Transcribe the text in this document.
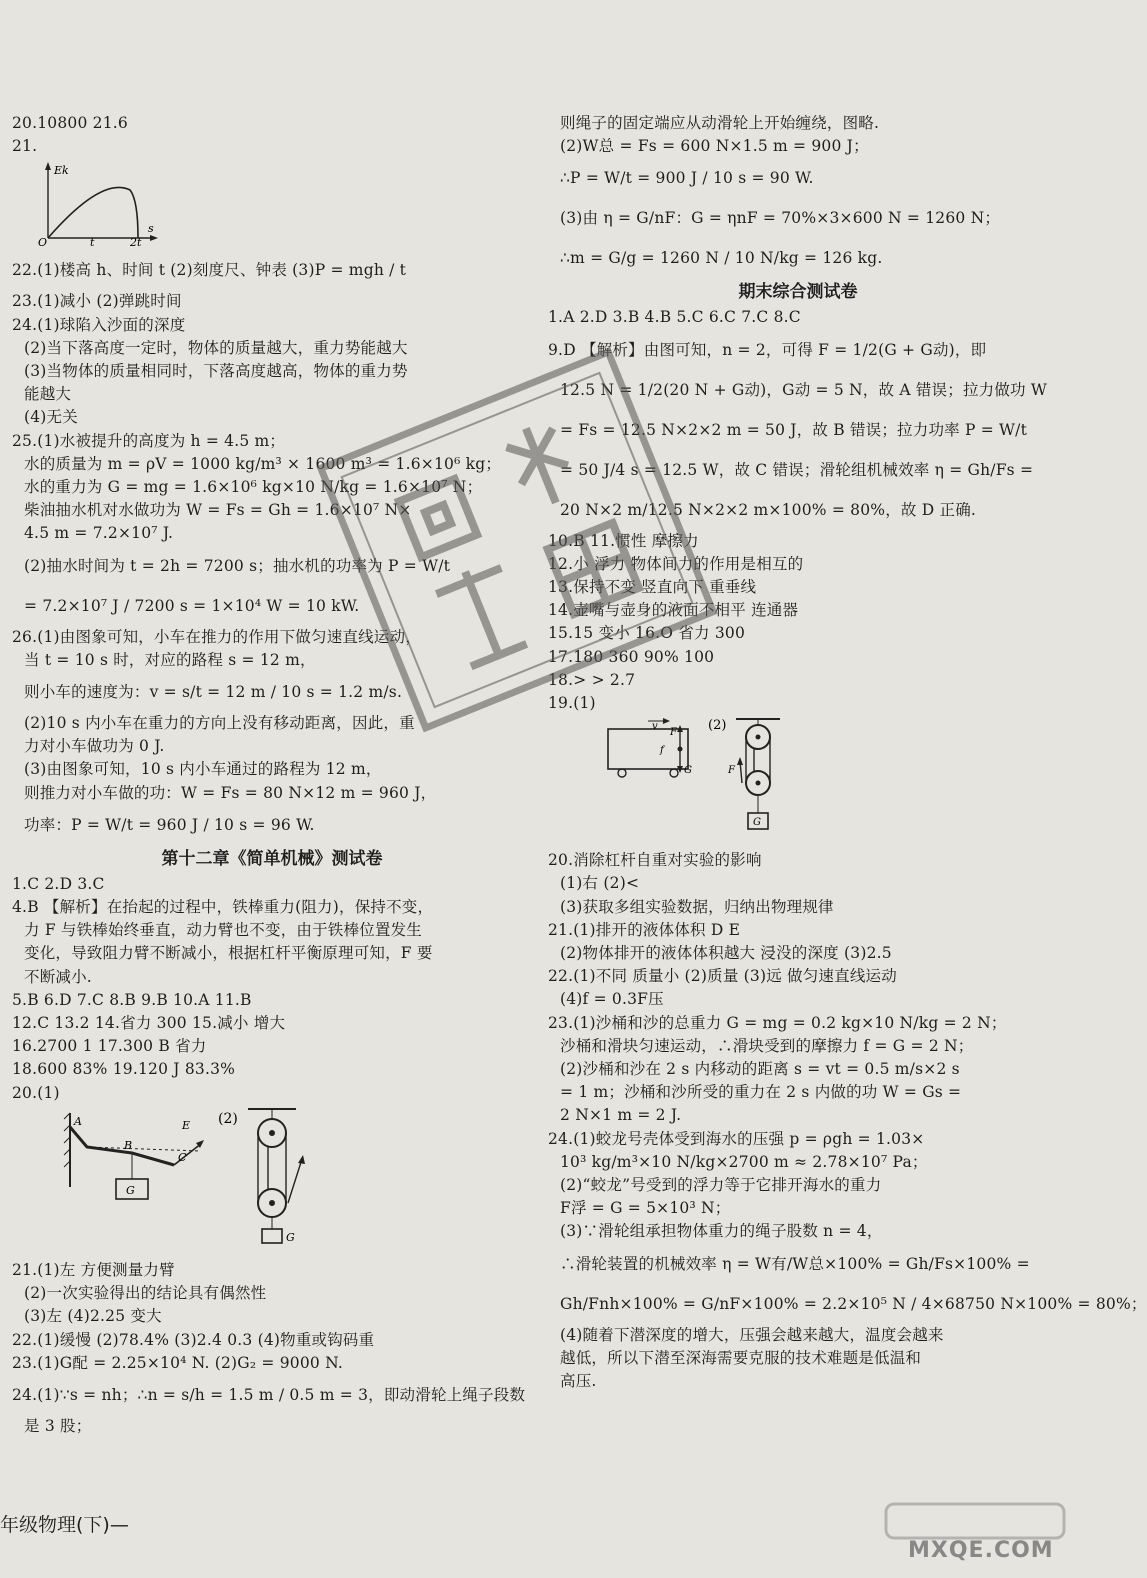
20.10800 21.6
21.
Ek
O	t	2t
s
22.(1)楼高 h、时间 t (2)刻度尺、钟表 (3)P = mgh / t
23.(1)减小 (2)弹跳时间
24.(1)球陷入沙面的深度
(2)当下落高度一定时，物体的质量越大，重力势能越大
(3)当物体的质量相同时，下落高度越高，物体的重力势
能越大
(4)无关
25.(1)水被提升的高度为 h = 4.5 m；
水的质量为 m = ρV = 1000 kg/m³ × 1600 m³ = 1.6×10⁶ kg；
水的重力为 G = mg = 1.6×10⁶ kg×10 N/kg = 1.6×10⁷ N；
柴油抽水机对水做功为 W = Fs = Gh = 1.6×10⁷ N×
4.5 m = 7.2×10⁷ J.
(2)抽水时间为 t = 2h = 7200 s；抽水机的功率为 P = W/t
= 7.2×10⁷ J / 7200 s = 1×10⁴ W = 10 kW.
26.(1)由图象可知，小车在推力的作用下做匀速直线运动，
当 t = 10 s 时，对应的路程 s = 12 m，
则小车的速度为：v = s/t = 12 m / 10 s = 1.2 m/s.
(2)10 s 内小车在重力的方向上没有移动距离，因此，重
力对小车做功为 0 J.
(3)由图象可知，10 s 内小车通过的路程为 12 m，
则推力对小车做的功：W = Fs = 80 N×12 m = 960 J，
功率：P = W/t = 960 J / 10 s = 96 W.
第十二章《简单机械》测试卷
1.C 2.D 3.C
4.B 【解析】在抬起的过程中，铁棒重力(阻力)，保持不变，
力 F 与铁棒始终垂直，动力臂也不变，由于铁棒位置发生
变化，导致阻力臂不断减小，根据杠杆平衡原理可知，F 要
不断减小.
5.B 6.D 7.C 8.B 9.B 10.A 11.B
12.C 13.2 14.省力 300 15.减小 增大
16.2700 1 17.300 B 省力
18.600 83% 19.120 J 83.3%
20.(1)
A
B
C
E
G
(2)
G
21.(1)左 方便测量力臂
(2)一次实验得出的结论具有偶然性
(3)左 (4)2.25 变大
22.(1)缓慢 (2)78.4% (3)2.4 0.3 (4)物重或钩码重
23.(1)G配 = 2.25×10⁴ N. (2)G₂ = 9000 N.
24.(1)∵s = nh；∴n = s/h = 1.5 m / 0.5 m = 3，即动滑轮上绳子段数
是 3 股；
则绳子的固定端应从动滑轮上开始缠绕，图略.
(2)W总 = Fs = 600 N×1.5 m = 900 J；
∴P = W/t = 900 J / 10 s = 90 W.
(3)由 η = G/nF：G = ηnF = 70%×3×600 N = 1260 N；
∴m = G/g = 1260 N / 10 N/kg = 126 kg.
期末综合测试卷
1.A 2.D 3.B 4.B 5.C 6.C 7.C 8.C
9.D 【解析】由图可知，n = 2，可得 F = 1/2(G + G动)，即
12.5 N = 1/2(20 N + G动)，G动 = 5 N，故 A 错误；拉力做功 W
= Fs = 12.5 N×2×2 m = 50 J，故 B 错误；拉力功率 P = W/t
= 50 J/4 s = 12.5 W，故 C 错误；滑轮组机械效率 η = Gh/Fs =
20 N×2 m/12.5 N×2×2 m×100% = 80%，故 D 正确.
10.B 11.惯性 摩擦力
12.小 浮力 物体间力的作用是相互的
13.保持不变 竖直向下 重垂线
14.壶嘴与壶身的液面不相平 连通器
15.15 变小 16.O 省力 300
17.180 360 90% 100
18.> > 2.7
19.(1)
v
F
f
G
(2)
F
G
20.消除杠杆自重对实验的影响
(1)右 (2)<
(3)获取多组实验数据，归纳出物理规律
21.(1)排开的液体体积 D E
(2)物体排开的液体体积越大 浸没的深度 (3)2.5
22.(1)不同 质量小 (2)质量 (3)远 做匀速直线运动
(4)f = 0.3F压
23.(1)沙桶和沙的总重力 G = mg = 0.2 kg×10 N/kg = 2 N；
沙桶和滑块匀速运动，∴滑块受到的摩擦力 f = G = 2 N；
(2)沙桶和沙在 2 s 内移动的距离 s = vt = 0.5 m/s×2 s
= 1 m；沙桶和沙所受的重力在 2 s 内做的功 W = Gs =
2 N×1 m = 2 J.
24.(1)蛟龙号壳体受到海水的压强 p = ρgh = 1.03×
10³ kg/m³×10 N/kg×2700 m ≈ 2.78×10⁷ Pa；
(2)“蛟龙”号受到的浮力等于它排开海水的重力
F浮 = G = 5×10³ N；
(3)∵滑轮组承担物体重力的绳子股数 n = 4，
∴滑轮装置的机械效率 η = W有/W总×100% = Gh/Fs×100% =
Gh/Fnh×100% = G/nF×100% = 2.2×10⁵ N / 4×68750 N×100% = 80%；
(4)随着下潜深度的增大，压强会越来越大，温度会越来
越低，所以下潜至深海需要克服的技术难题是低温和
高压.
年级物理(下)—
MXQE.COM
